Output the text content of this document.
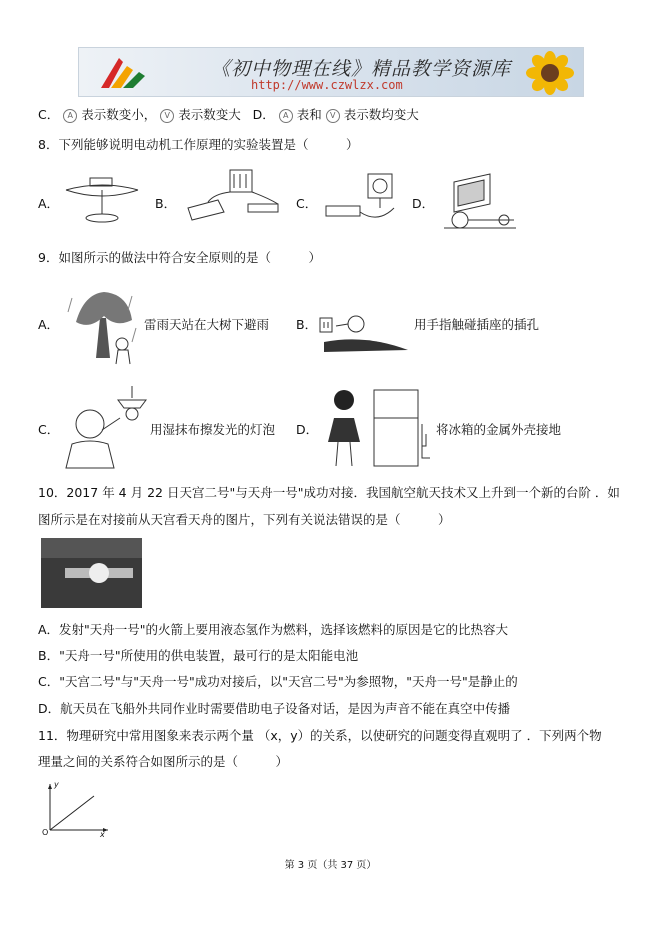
《初中物理在线》精品教学资源库
http://www.czwlzx.com
C． A 表示数变小， V 表示数变大 D． A 表和 V 表示数均变大
8．下列能够说明电动机工作原理的实验装置是（　　　）
A．	B．	C．	D．
9．如图所示的做法中符合安全原则的是（　　　）
A．	雷雨天站在大树下避雨 B．	用手指触碰插座的插孔
C．	用湿抹布擦发光的灯泡 D．	将冰箱的金属外壳接地
10．2017 年 4 月 22 日天宫二号"与天舟一号"成功对接．我国航空航天技术又上升到一个新的台阶 ．如
图所示是在对接前从天宫看天舟的图片，下列有关说法错误的是（　　　）
A．发射"天舟一号"的火箭上要用液态氢作为燃料，选择该燃料的原因是它的比热容大
B．"天舟一号"所使用的供电装置，最可行的是太阳能电池
C．"天宫二号"与"天舟一号"成功对接后，以"天宫二号"为参照物，"天舟一号"是静止的
D．航天员在飞船外共同作业时需要借助电子设备对话，是因为声音不能在真空中传播
11．物理研究中常用图象来表示两个量 （x，y）的关系，以使研究的问题变得直观明了 ．下列两个物
理量之间的关系符合如图所示的是（　　　）
y
x
O
第 3 页（共 37 页）
